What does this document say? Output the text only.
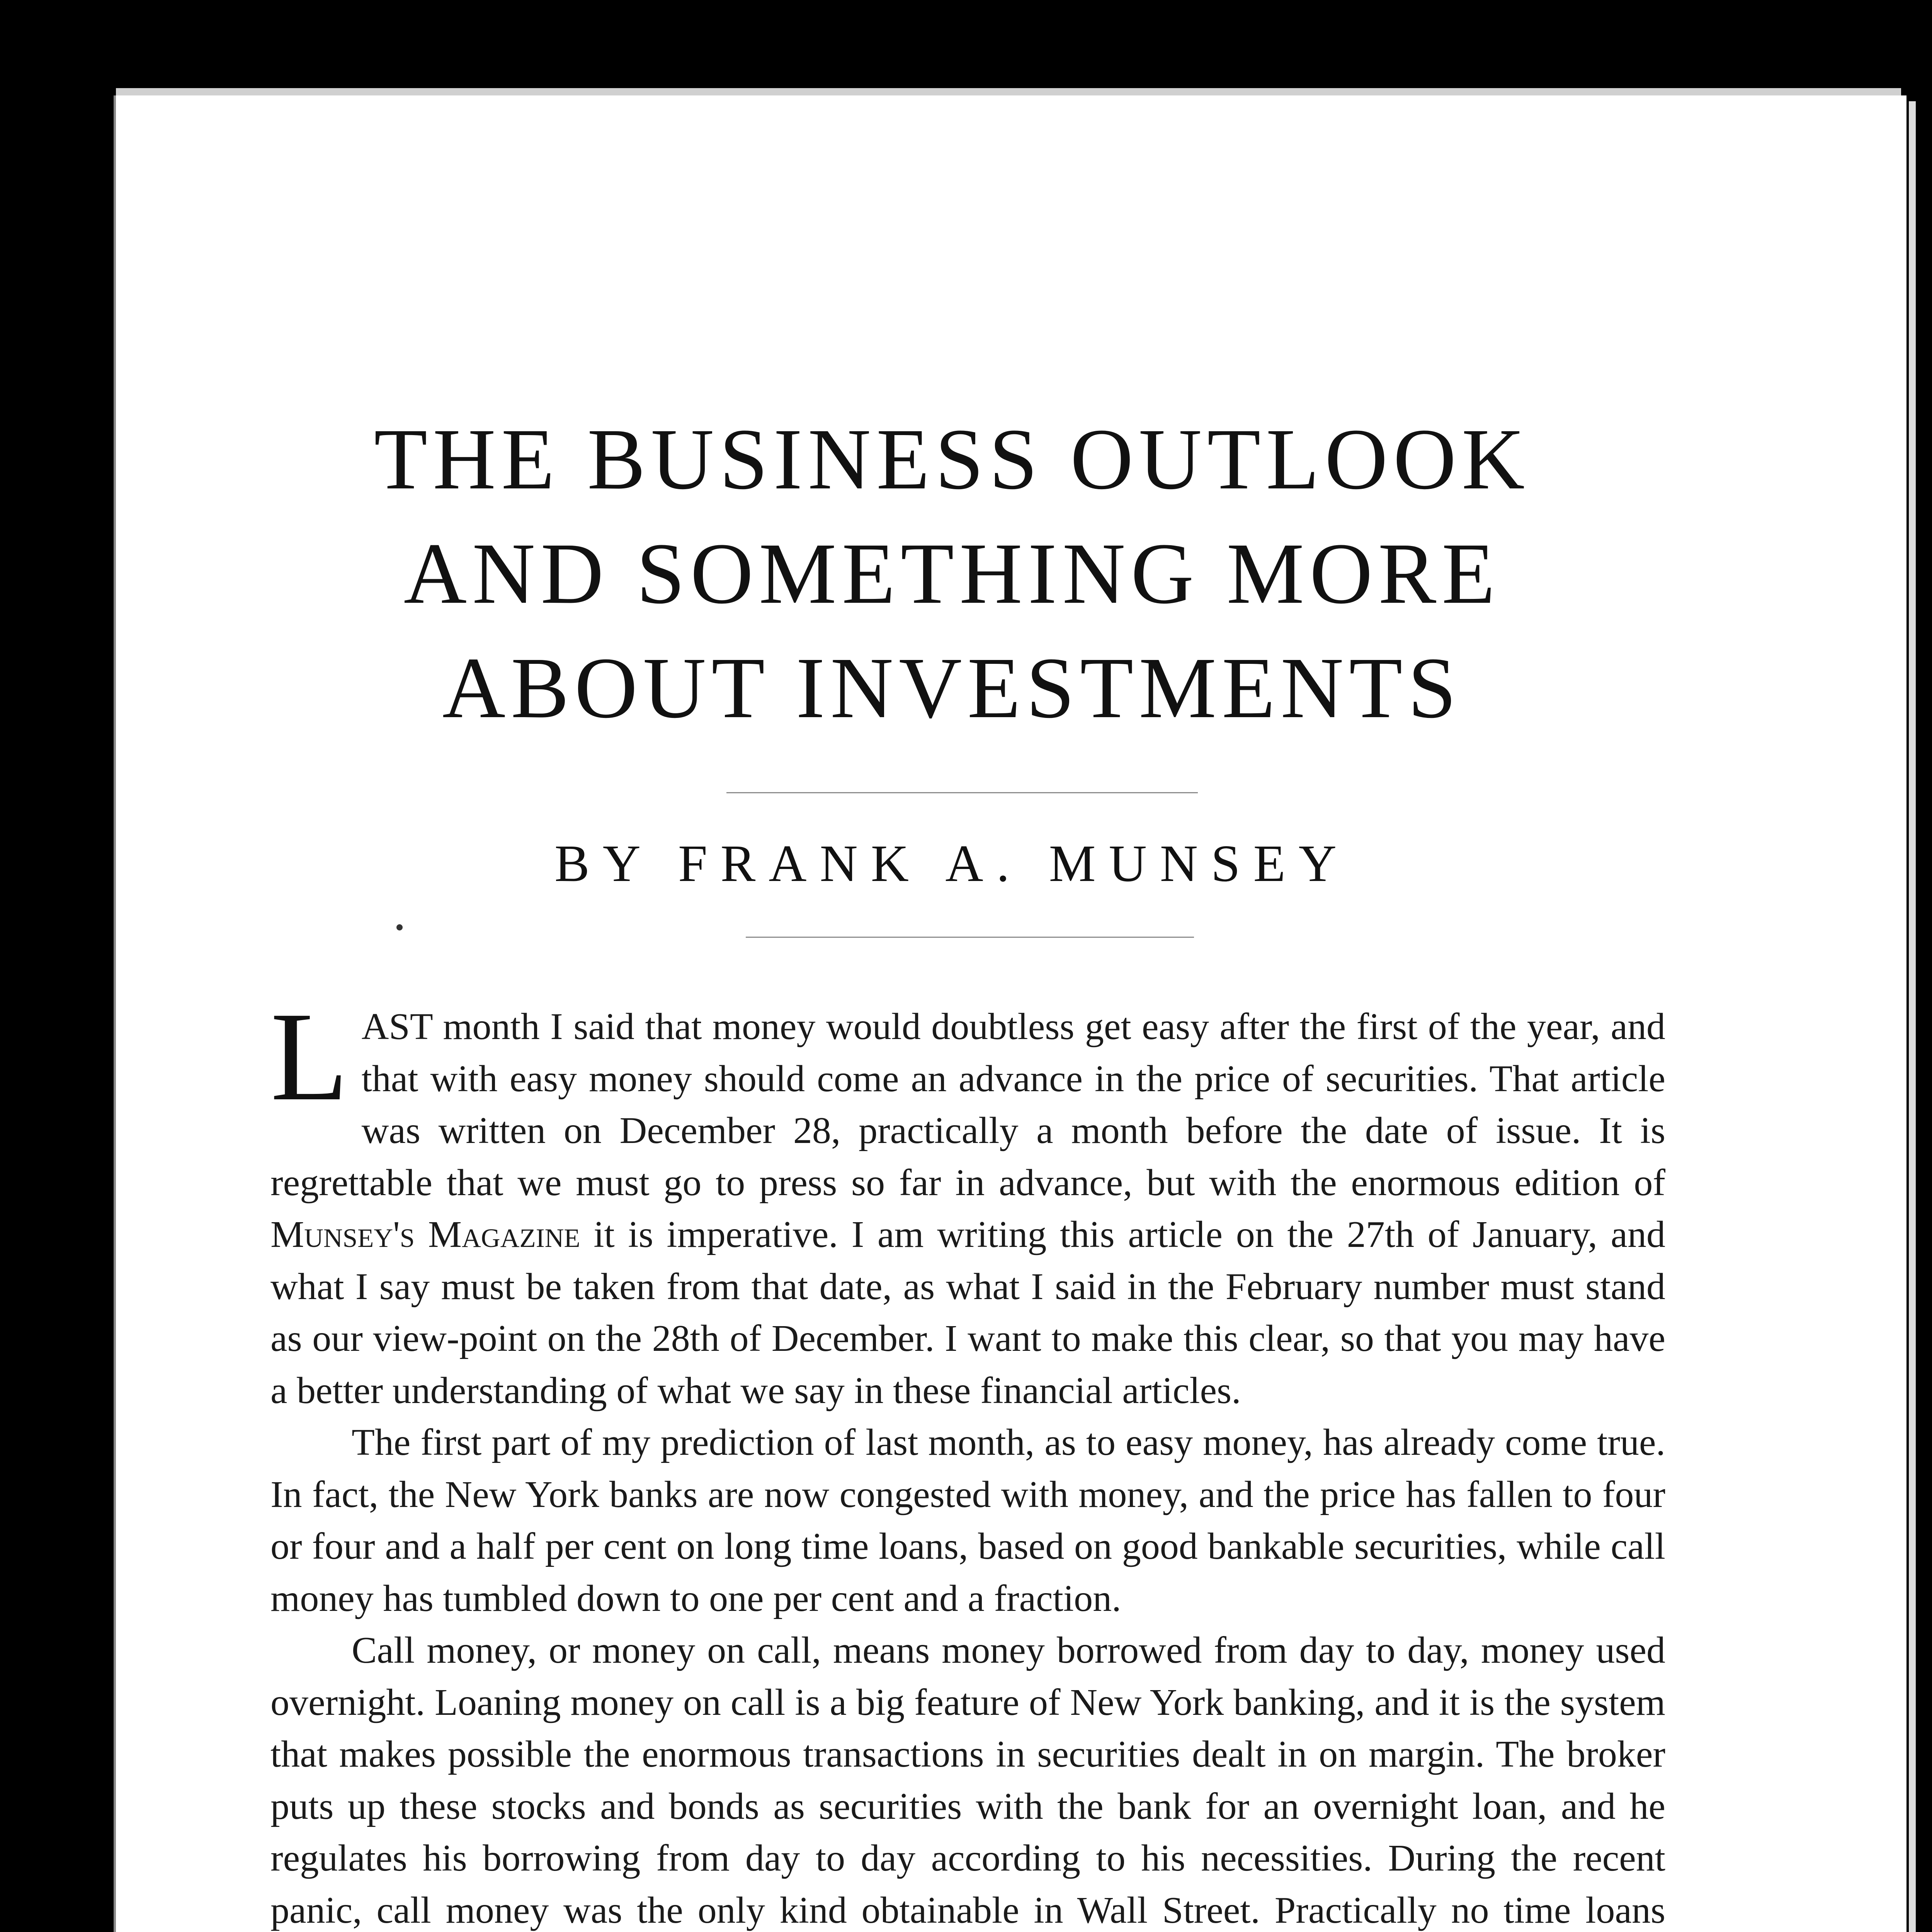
THE BUSINESS OUTLOOK
AND SOMETHING MORE
ABOUT INVESTMENTS

BY FRANK A. MUNSEY

LAST month I said that money would doubtless get easy after the first of the year, and that with easy money should come an advance in the price of securities. That article was written on December 28, practically a month before the date of issue. It is regrettable that we must go to press so far in advance, but with the enormous edition of Munsey's Magazine it is imperative. I am writing this article on the 27th of January, and what I say must be taken from that date, as what I said in the February number must stand as our view-point on the 28th of December. I want to make this clear, so that you may have a better understanding of what we say in these financial articles.

The first part of my prediction of last month, as to easy money, has already come true. In fact, the New York banks are now congested with money, and the price has fallen to four or four and a half per cent on long time loans, based on good bankable securities, while call money has tumbled down to one per cent and a fraction.

Call money, or money on call, means money borrowed from day to day, money used overnight. Loaning money on call is a big feature of New York banking, and it is the system that makes possible the enormous transactions in securities dealt in on margin. The broker puts up these stocks and bonds as securities with the bank for an overnight loan, and he regulates his borrowing from day to day according to his necessities. During the recent panic, call money was the only kind obtainable in Wall Street. Practically no time loans
